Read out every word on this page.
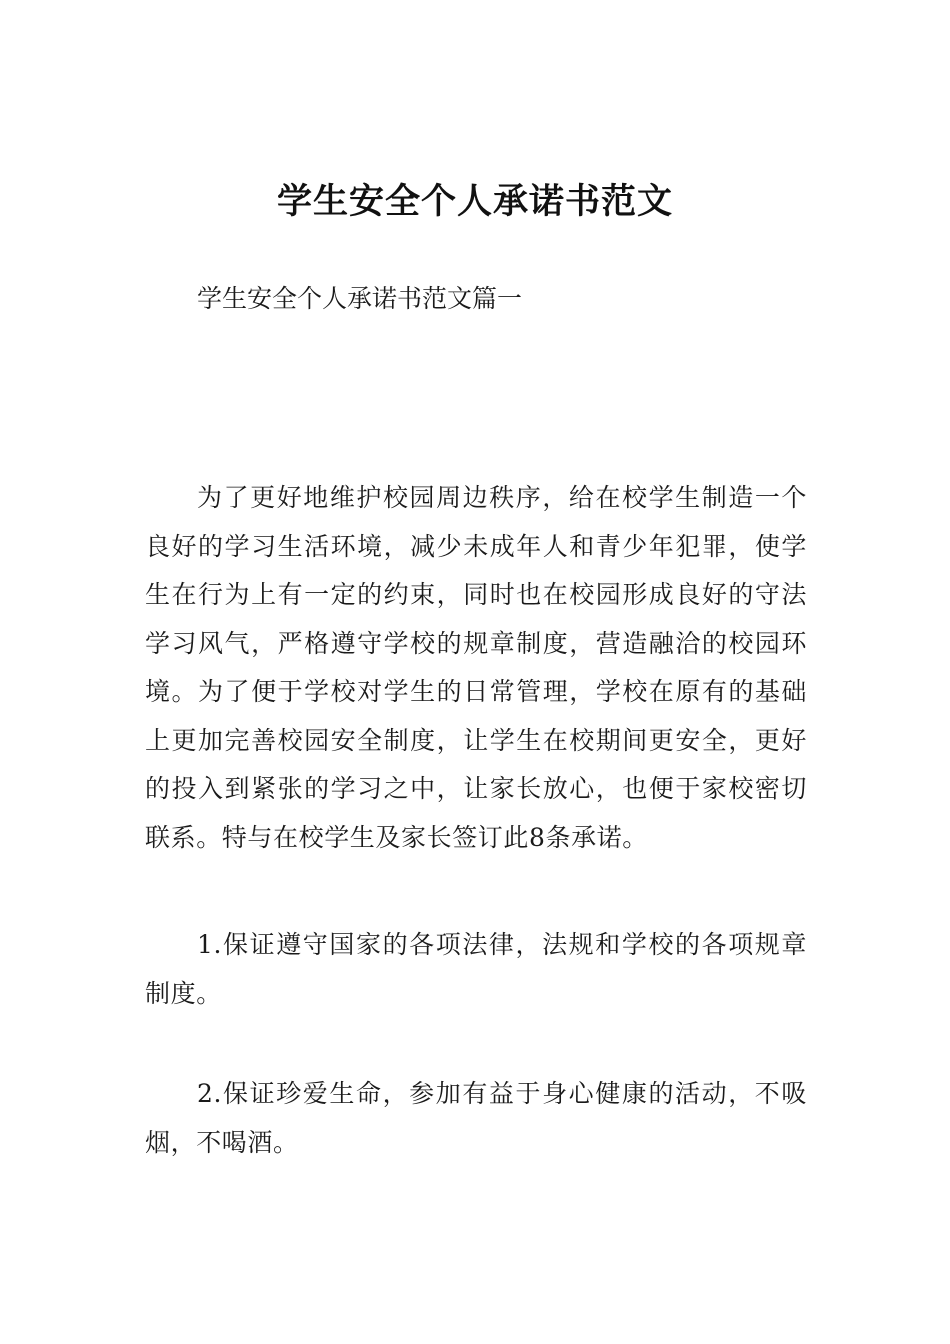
学生安全个人承诺书范文
学生安全个人承诺书范文篇一

为了更好地维护校园周边秩序，给在校学生制造一个良好的学习生活环境，减少未成年人和青少年犯罪，使学生在行为上有一定的约束，同时也在校园形成良好的守法学习风气，严格遵守学校的规章制度，营造融洽的校园环境。为了便于学校对学生的日常管理，学校在原有的基础上更加完善校园安全制度，让学生在校期间更安全，更好的投入到紧张的学习之中，让家长放心，也便于家校密切联系。特与在校学生及家长签订此8条承诺。

1.保证遵守国家的各项法律，法规和学校的各项规章制度。

2.保证珍爱生命，参加有益于身心健康的活动，不吸烟，不喝酒。
